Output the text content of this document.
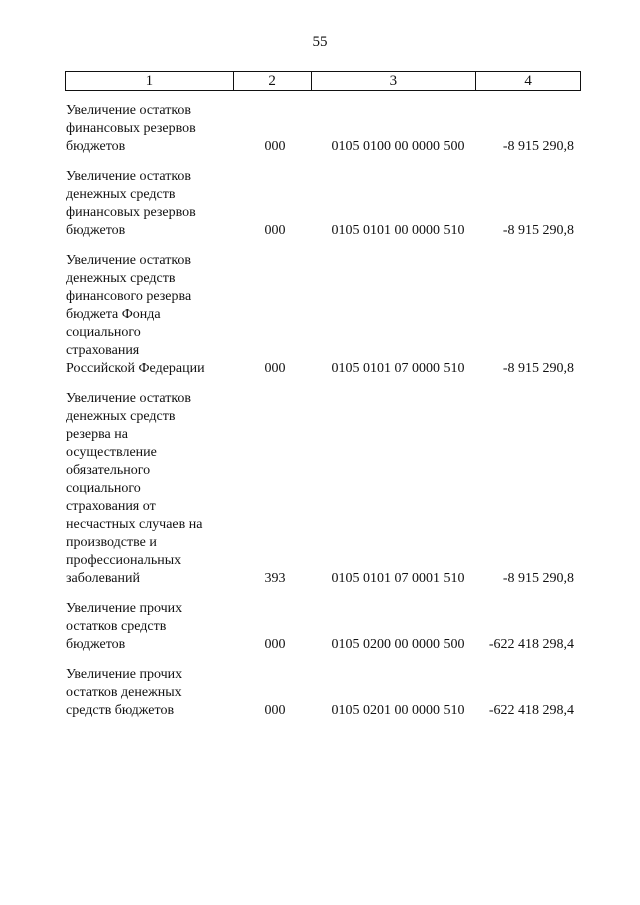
55
1	2	3	4
Увеличение остатков
финансовых резервов
бюджетов	000	0105 0100 00 0000 500	-8 915 290,8
Увеличение остатков
денежных средств
финансовых резервов
бюджетов	000	0105 0101 00 0000 510	-8 915 290,8
Увеличение остатков
денежных средств
финансового резерва
бюджета Фонда
социального
страхования
Российской Федерации	000	0105 0101 07 0000 510	-8 915 290,8
Увеличение остатков
денежных средств
резерва на
осуществление
обязательного
социального
страхования от
несчастных случаев на
производстве и
профессиональных
заболеваний	393	0105 0101 07 0001 510	-8 915 290,8
Увеличение прочих
остатков средств
бюджетов	000	0105 0200 00 0000 500	-622 418 298,4
Увеличение прочих
остатков денежных
средств бюджетов	000	0105 0201 00 0000 510	-622 418 298,4
